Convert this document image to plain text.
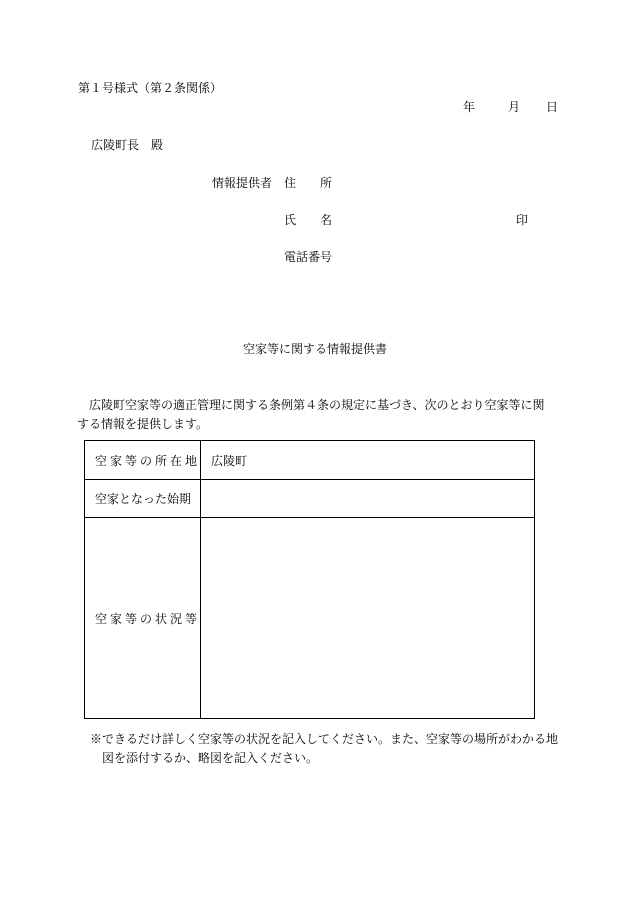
第１号様式（第２条関係）
年	月 日
広陵町長　殿
情報提供者 住　　所
氏　　名	印
電話番号
空家等に関する情報提供書
広陵町空家等の適正管理に関する条例第４条の規定に基づき、次のとおり空家等に関する情報を提供します。
空家等の所在地	広陵町
空家となった始期	
空家等の状況等	
※できるだけ詳しく空家等の状況を記入してください。また、空家等の場所がわかる地図を添付するか、略図を記入ください。
